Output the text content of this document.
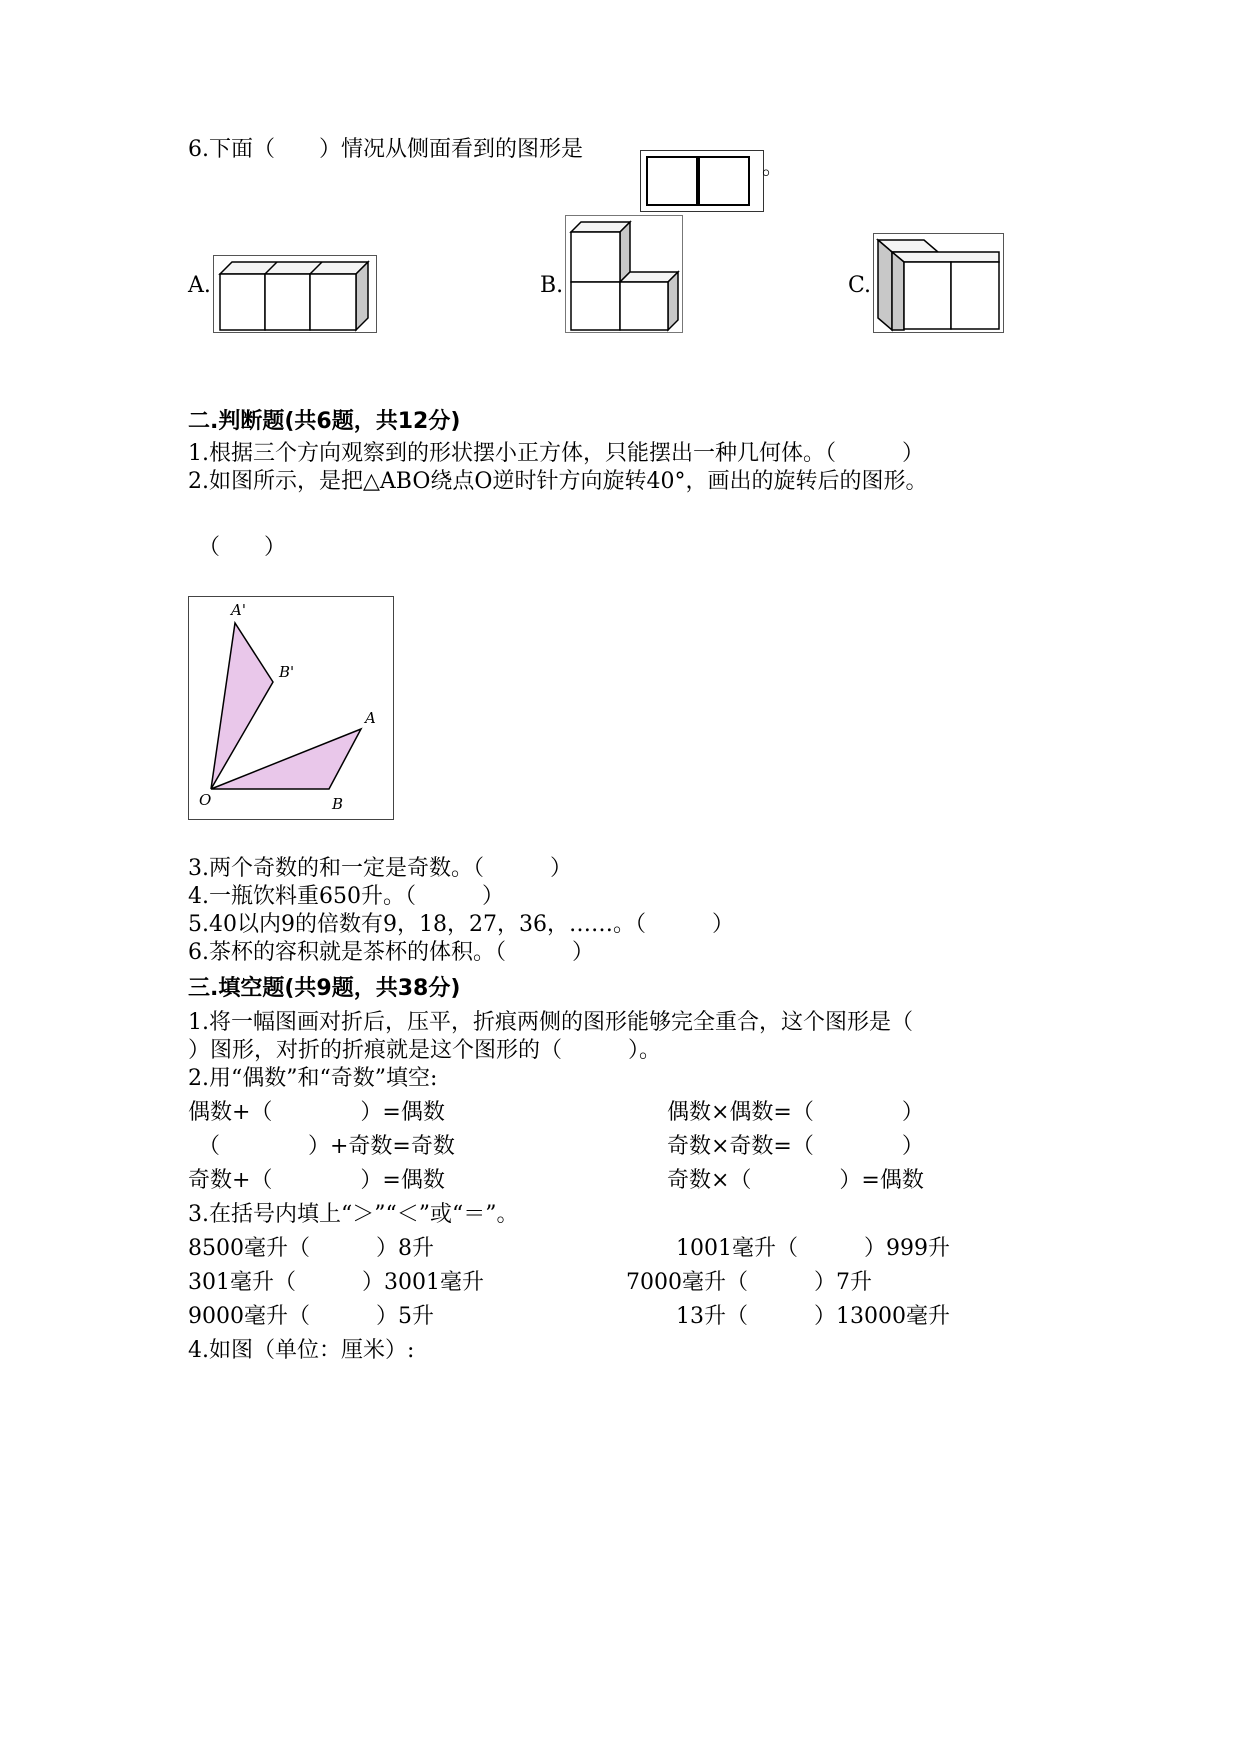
6.下面（　　）情况从侧面看到的图形是
。
A.	B.	C.
二.判断题(共6题，共12分)
1.根据三个方向观察到的形状摆小正方体，只能摆出一种几何体。（　　　）
2.如图所示，是把△ABO绕点O逆时针方向旋转40°，画出的旋转后的图形。
（　　）
A'
B'
A
O	B
3.两个奇数的和一定是奇数。（　　　）
4.一瓶饮料重650升。（　　　）
5.40以内9的倍数有9，18，27，36，……。（　　　）
6.茶杯的容积就是茶杯的体积。（　　　）
三.填空题(共9题，共38分)
1.将一幅图画对折后，压平，折痕两侧的图形能够完全重合，这个图形是（
）图形，对折的折痕就是这个图形的（　　　）。
2.用“偶数”和“奇数”填空:
偶数+（　　　　）=偶数	偶数×偶数=（　　　　）
（　　　　）+奇数=奇数	奇数×奇数=（　　　　）
奇数+（　　　　）=偶数	奇数×（　　　　）=偶数
3.在括号内填上“＞”“＜”或“＝”。
8500毫升（　　　）8升	1001毫升（　　　）999升
301毫升（　　　）3001毫升	7000毫升（　　　）7升
9000毫升（　　　）5升	13升（　　　）13000毫升
4.如图（单位：厘米）:
